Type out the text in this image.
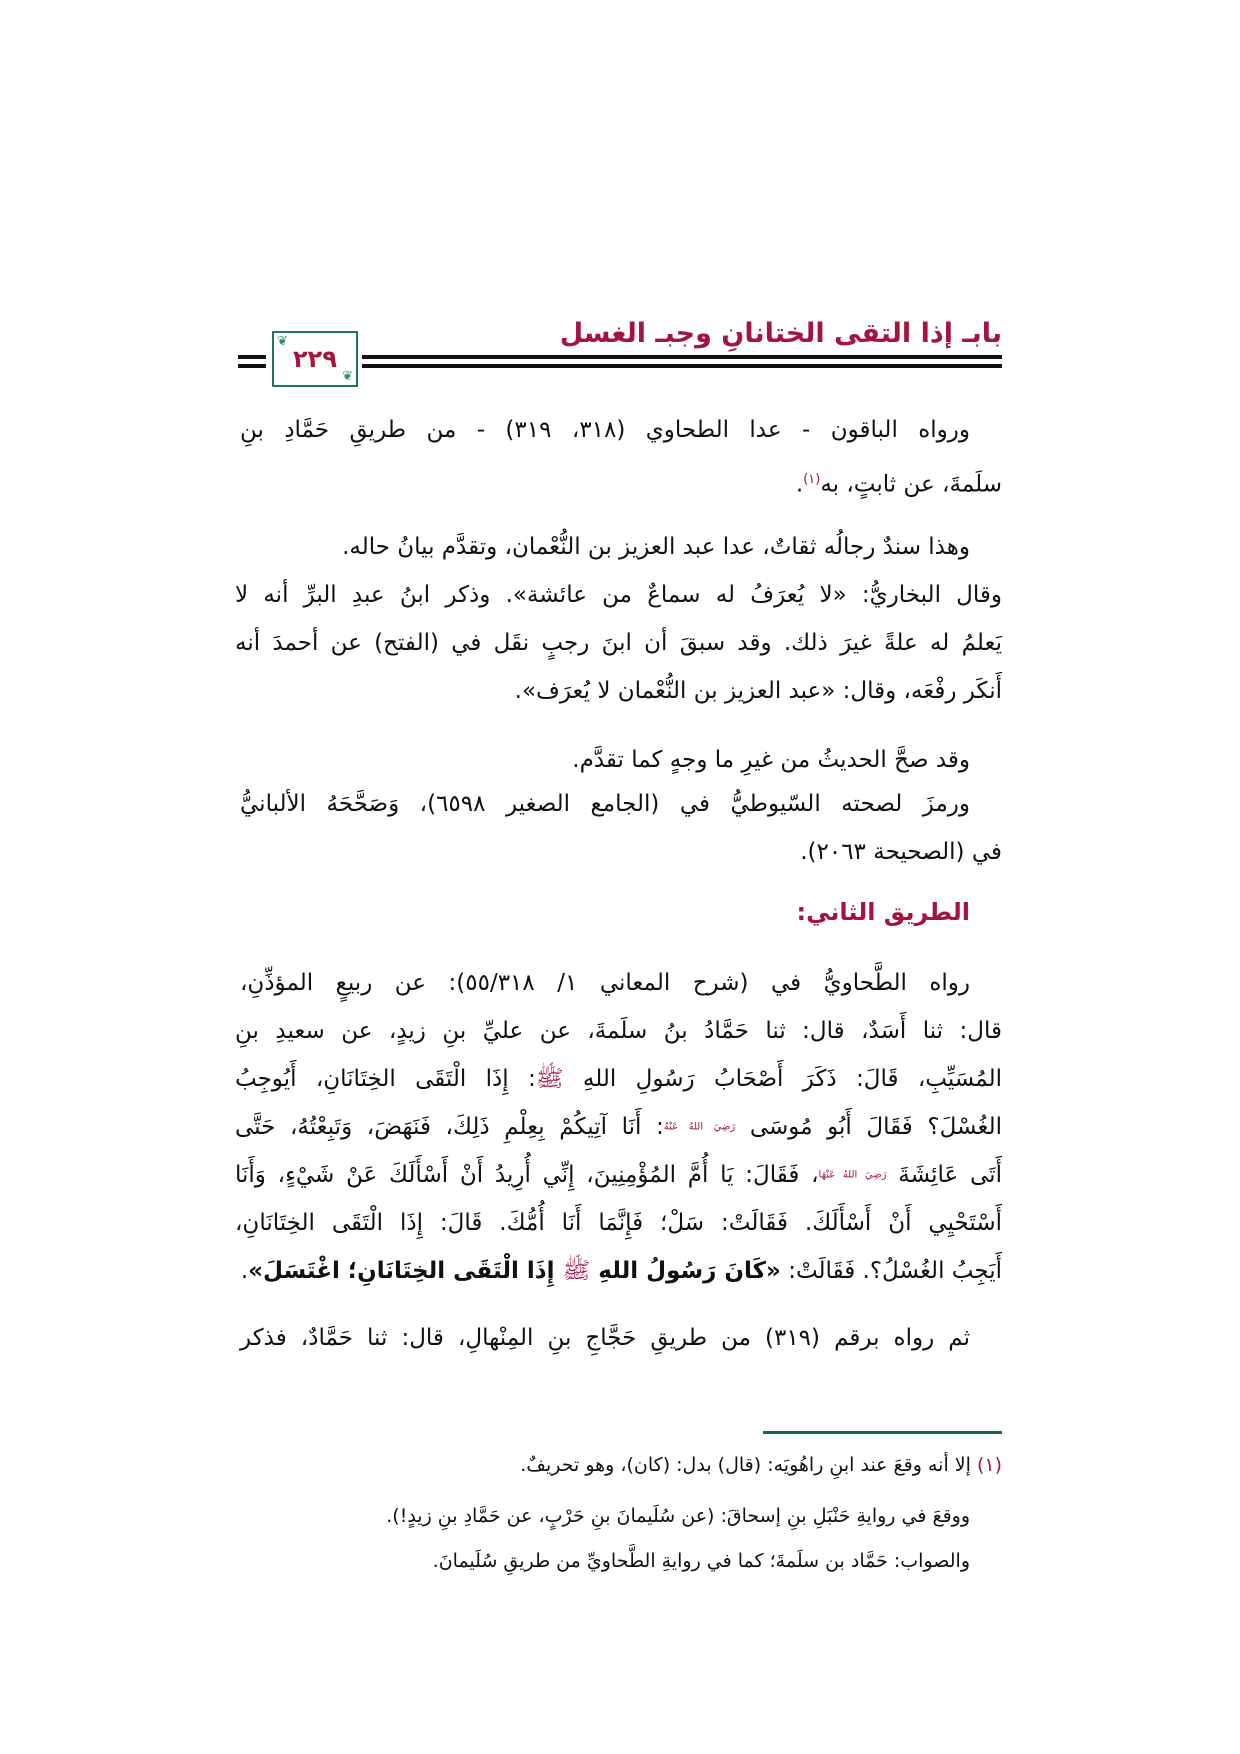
بابـ إذا التقى الختانانِ وجبـ الغسل
❦ ٢٢٩
❦
ورواه الباقون - عدا الطحاوي (٣١٨، ٣١٩) - من طريقِ حَمَّادِ بنِ
سلَمةَ، عن ثابتٍ، به$^{(١)}$.
وهذا سندٌ رجالُه ثقاتٌ، عدا عبد العزيز بن النُّعْمان، وتقدَّم بيانُ حاله.
وقال البخاريُّ: «لا يُعرَفُ له سماعٌ من عائشة». وذكر ابنُ عبدِ البرِّ أنه لا
يَعلمُ له علةً غيرَ ذلك. وقد سبقَ أن ابنَ رجبٍ نقَل في (الفتح) عن أحمدَ أنه
أَنكَر رفْعَه، وقال: «عبد العزيز بن النُّعْمان لا يُعرَف».
وقد صحَّ الحديثُ من غيرِ ما وجهٍ كما تقدَّم.
ورمزَ لصحته السّيوطيُّ في (الجامع الصغير ٦٥٩٨)، وَصَحَّحَهُ الألبانيُّ
في (الصحيحة ٢٠٦٣).
رواه الطَّحاويُّ في (شرح المعاني ١/ ٥٥/٣١٨): عن ربيعٍ المؤذِّنِ،
قال: ثنا أَسَدٌ، قال: ثنا حَمَّادُ بنُ سلَمةَ، عن عليِّ بنِ زيدٍ، عن سعيدِ بنِ
المُسَيِّبِ، قَالَ: ذَكَرَ أَصْحَابُ رَسُولِ اللهِ ﷺ: إِذَا الْتَقَى الخِتَانَانِ، أَيُوجِبُ
الغُسْلَ؟ فَقَالَ أَبُو مُوسَى رَضِيَ اللهُ عَنْهُ: أَنَا آتِيكُمْ بِعِلْمِ ذَلِكَ، فَنَهَضَ، وَتَبِعْتُهُ، حَتَّى
أَتَى عَائِشَةَ رَضِيَ اللهُ عَنْهَا، فَقَالَ: يَا أُمَّ المُؤْمِنِينَ، إِنِّي أُرِيدُ أَنْ أَسْأَلَكَ عَنْ شَيْءٍ، وَأَنَا
أَسْتَحْيِي أَنْ أَسْأَلَكَ. فَقَالَتْ: سَلْ؛ فَإِنَّمَا أَنَا أُمُّكَ. قَالَ: إِذَا الْتَقَى الخِتَانَانِ،
أَيَجِبُ الغُسْلُ؟. فَقَالَتْ: «كَانَ رَسُولُ اللهِ ﷺ إِذَا الْتَقَى الخِتَانَانِ؛ اغْتَسَلَ».
ثم رواه برقم (٣١٩) من طريقِ حَجَّاجِ بنِ المِنْهالِ، قال: ثنا حَمَّادٌ، فذكر
الطريق الثاني:
(١) إلا أنه وقعَ عند ابنِ راهُويَه: (قال) بدل: (كان)، وهو تحريفٌ.
ووقعَ في روايةِ حَنْبَلِ بنِ إسحاقَ: (عن سُلَيمانَ بنِ حَرْبٍ، عن حَمَّادِ بنِ زيدٍ!).
والصواب: حَمَّاد بن سلَمةَ؛ كما في روايةِ الطَّحاويِّ من طريقِ سُلَيمانَ.
